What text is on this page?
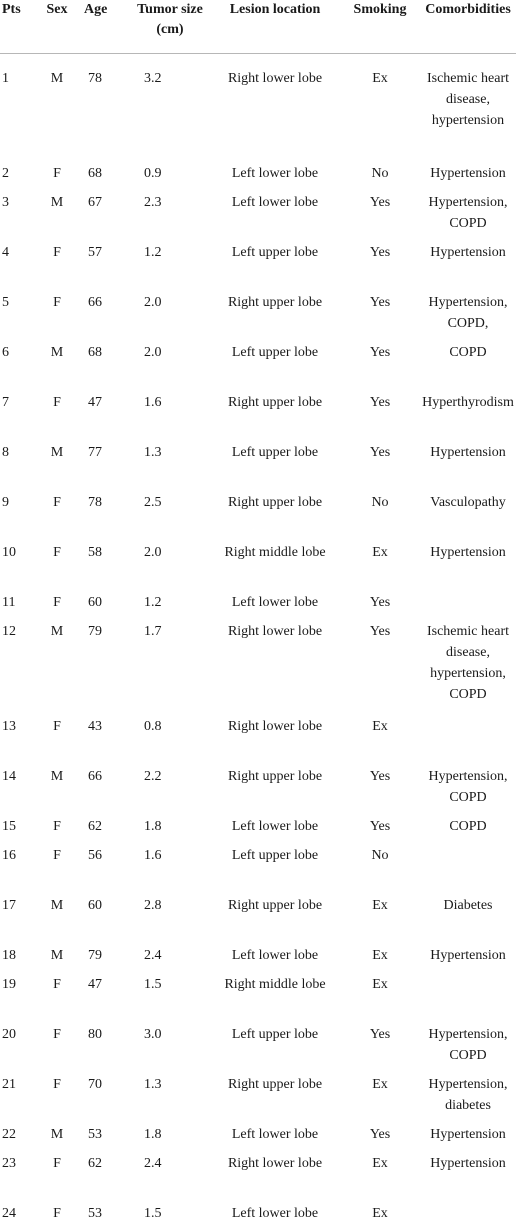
Pts	Sex	Age	Tumor size (cm)	Lesion location	Smoking	Comorbidities
1	M	78	3.2	Right lower lobe	Ex	Ischemic heart disease, hypertension
2	F	68	0.9	Left lower lobe	No	Hypertension
3	M	67	2.3	Left lower lobe	Yes	Hypertension, COPD
4	F	57	1.2	Left upper lobe	Yes	Hypertension
5	F	66	2.0	Right upper lobe	Yes	Hypertension, COPD,
6	M	68	2.0	Left upper lobe	Yes	COPD
7	F	47	1.6	Right upper lobe	Yes	Hyperthyrodism
8	M	77	1.3	Left upper lobe	Yes	Hypertension
9	F	78	2.5	Right upper lobe	No	Vasculopathy
10	F	58	2.0	Right middle lobe	Ex	Hypertension
11	F	60	1.2	Left lower lobe	Yes	
12	M	79	1.7	Right lower lobe	Yes	Ischemic heart disease, hypertension, COPD
13	F	43	0.8	Right lower lobe	Ex	
14	M	66	2.2	Right upper lobe	Yes	Hypertension, COPD
15	F	62	1.8	Left lower lobe	Yes	COPD
16	F	56	1.6	Left upper lobe	No	
17	M	60	2.8	Right upper lobe	Ex	Diabetes
18	M	79	2.4	Left lower lobe	Ex	Hypertension
19	F	47	1.5	Right middle lobe	Ex	
20	F	80	3.0	Left upper lobe	Yes	Hypertension, COPD
21	F	70	1.3	Right upper lobe	Ex	Hypertension, diabetes
22	M	53	1.8	Left lower lobe	Yes	Hypertension
23	F	62	2.4	Right lower lobe	Ex	Hypertension
24	F	53	1.5	Left lower lobe	Ex	
